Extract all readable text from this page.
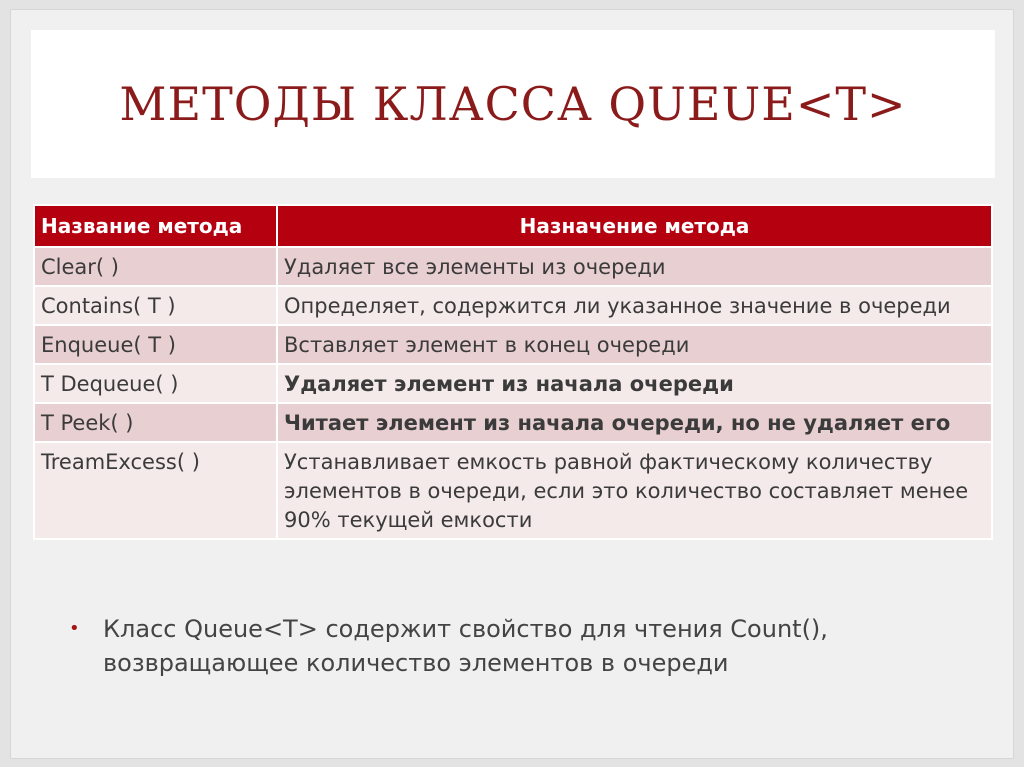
МЕТОДЫ КЛАССА QUEUE<T>
Название метода	Назначение метода
Clear( )	Удаляет все элементы из очереди
Contains( T )	Определяет, содержится ли указанное значение в очереди
Enqueue( T )	Вставляет элемент в конец очереди
T Dequeue( )	Удаляет элемент из начала очереди
T Peek( )	Читает элемент из начала очереди, но не удаляет его
TreamExcess( )	Устанавливает емкость равной фактическому количеству элементов в очереди, если это количество составляет менее 90% текущей емкости
• Класс Queue<T> содержит свойство для чтения Count(), возвращающее количество элементов в очереди
